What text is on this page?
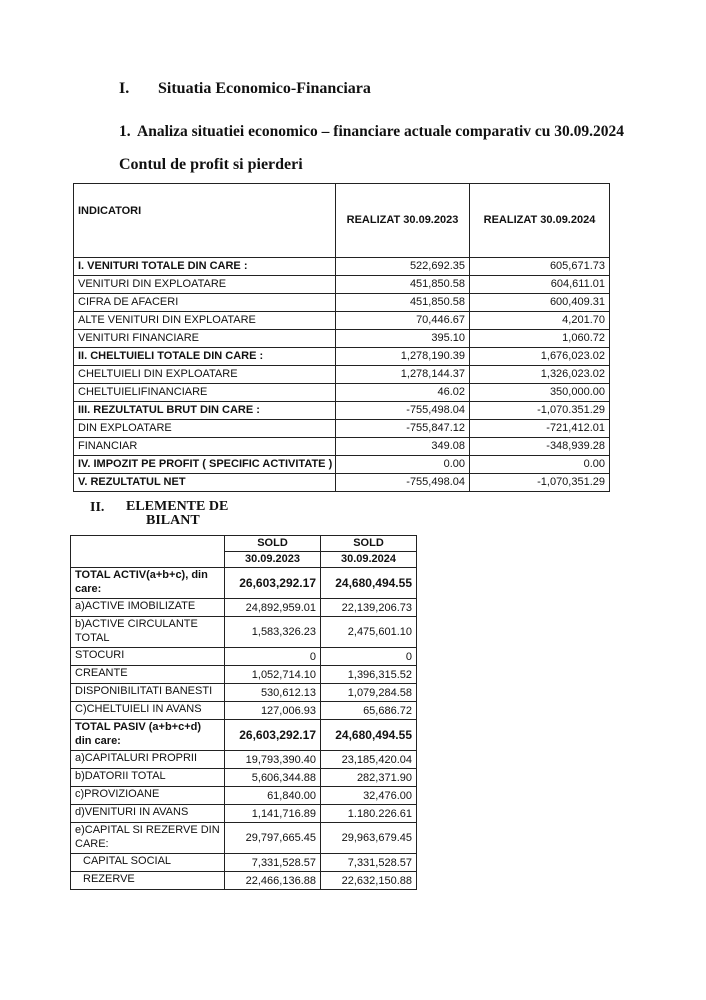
I. Situatia Economico-Financiara
1. Analiza situatiei economico – financiare actuale comparativ cu 30.09.2024
Contul de profit si pierderi
INDICATORI	REALIZAT 30.09.2023	REALIZAT 30.09.2024
I. VENITURI TOTALE DIN CARE :	522,692.35	605,671.73
VENITURI DIN EXPLOATARE	451,850.58	604,611.01
CIFRA DE AFACERI	451,850.58	600,409.31
ALTE VENITURI DIN EXPLOATARE	70,446.67	4,201.70
VENITURI FINANCIARE	395.10	1,060.72
II. CHELTUIELI TOTALE DIN CARE :	1,278,190.39	1,676,023.02
CHELTUIELI DIN EXPLOATARE	1,278,144.37	1,326,023.02
CHELTUIELIFINANCIARE	46.02	350,000.00
III. REZULTATUL BRUT DIN CARE :	-755,498.04	-1,070.351.29
DIN EXPLOATARE	-755,847.12	-721,412.01
FINANCIAR	349.08	-348,939.28
IV. IMPOZIT PE PROFIT ( SPECIFIC ACTIVITATE )	0.00	0.00
V. REZULTATUL NET	-755,498.04	-1,070,351.29
II. ELEMENTE DE
BILANT
	SOLD	SOLD
	30.09.2023	30.09.2024
TOTAL ACTIV(a+b+c), din care:	26,603,292.17	24,680,494.55
a)ACTIVE IMOBILIZATE	24,892,959.01	22,139,206.73
b)ACTIVE CIRCULANTE TOTAL	1,583,326.23	2,475,601.10
STOCURI	0	0
CREANTE	1,052,714.10	1,396,315.52
DISPONIBILITATI BANESTI	530,612.13	1,079,284.58
C)CHELTUIELI IN AVANS	127,006.93	65,686.72
TOTAL PASIV (a+b+c+d) din care:	26,603,292.17	24,680,494.55
a)CAPITALURI PROPRII	19,793,390.40	23,185,420.04
b)DATORII TOTAL	5,606,344.88	282,371.90
c)PROVIZIOANE	61,840.00	32,476.00
d)VENITURI IN AVANS	1,141,716.89	1.180.226.61
e)CAPITAL SI REZERVE DIN CARE:	29,797,665.45	29,963,679.45
CAPITAL SOCIAL	7,331,528.57	7,331,528.57
REZERVE	22,466,136.88	22,632,150.88
